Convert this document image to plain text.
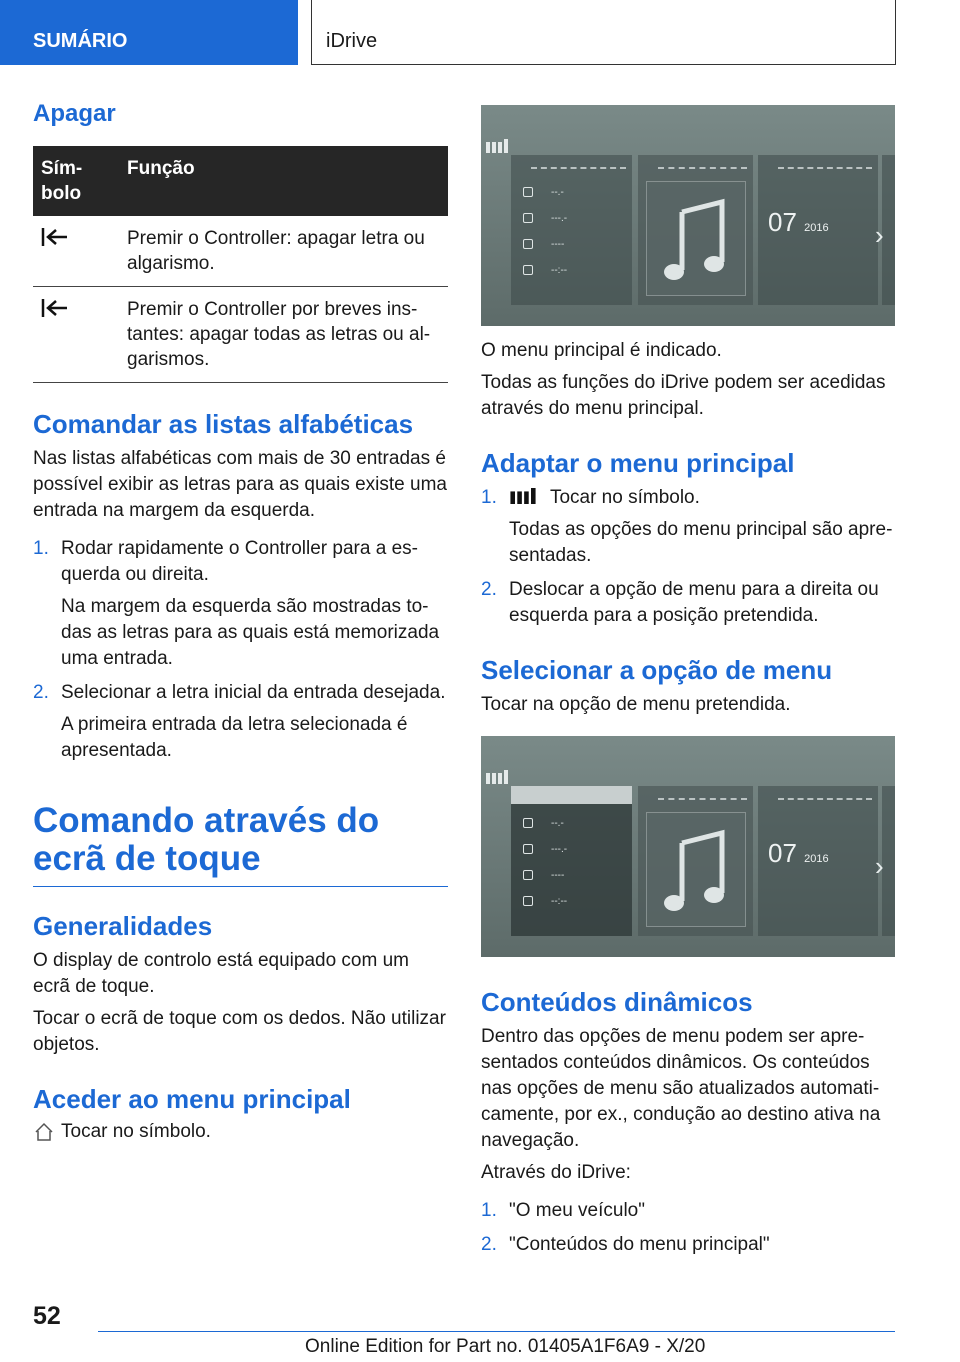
SUMÁRIO	iDrive
Apagar
Sím‐
bolo	Função
	Premir o Controller: apagar letra ou algarismo.
	Premir o Controller por breves ins‐ tantes: apagar todas as letras ou al‐ garismos.
Comandar as listas alfabéticas

Nas listas alfabéticas com mais de 30 entradas é possível exibir as letras para as quais existe uma entrada na margem da esquerda.

1. Rodar rapidamente o Controller para a es‐ querda ou direita.
Na margem da esquerda são mostradas to‐ das as letras para as quais está memorizada uma entrada.
2. Selecionar a letra inicial da entrada desejada.
A primeira entrada da letra selecionada é apresentada.
Comando através do ecrã de toque
Generalidades

O display de controlo está equipado com um ecrã de toque.

Tocar o ecrã de toque com os dedos. Não utilizar objetos.

Aceder ao menu principal
Tocar no símbolo.
--.-
---.-
----
--:--
07 2016 ›

O menu principal é indicado.

Todas as funções do iDrive podem ser acedidas através do menu principal.

Adaptar o menu principal
1.	Tocar no símbolo.
Todas as opções do menu principal são apre‐ sentadas.
2. Deslocar a opção de menu para a direita ou esquerda para a posição pretendida.
Selecionar a opção de menu

Tocar na opção de menu pretendida.

--.-
---.-
----
--:--
07 2016 ›
Conteúdos dinâmicos

Dentro das opções de menu podem ser apre‐ sentados conteúdos dinâmicos. Os conteúdos nas opções de menu são atualizados automati‐ camente, por ex., condução ao destino ativa na navegação.

Através do iDrive:

1. "O meu veículo"
2. "Conteúdos do menu principal"
52
Online Edition for Part no. 01405A1F6A9 - X/20
